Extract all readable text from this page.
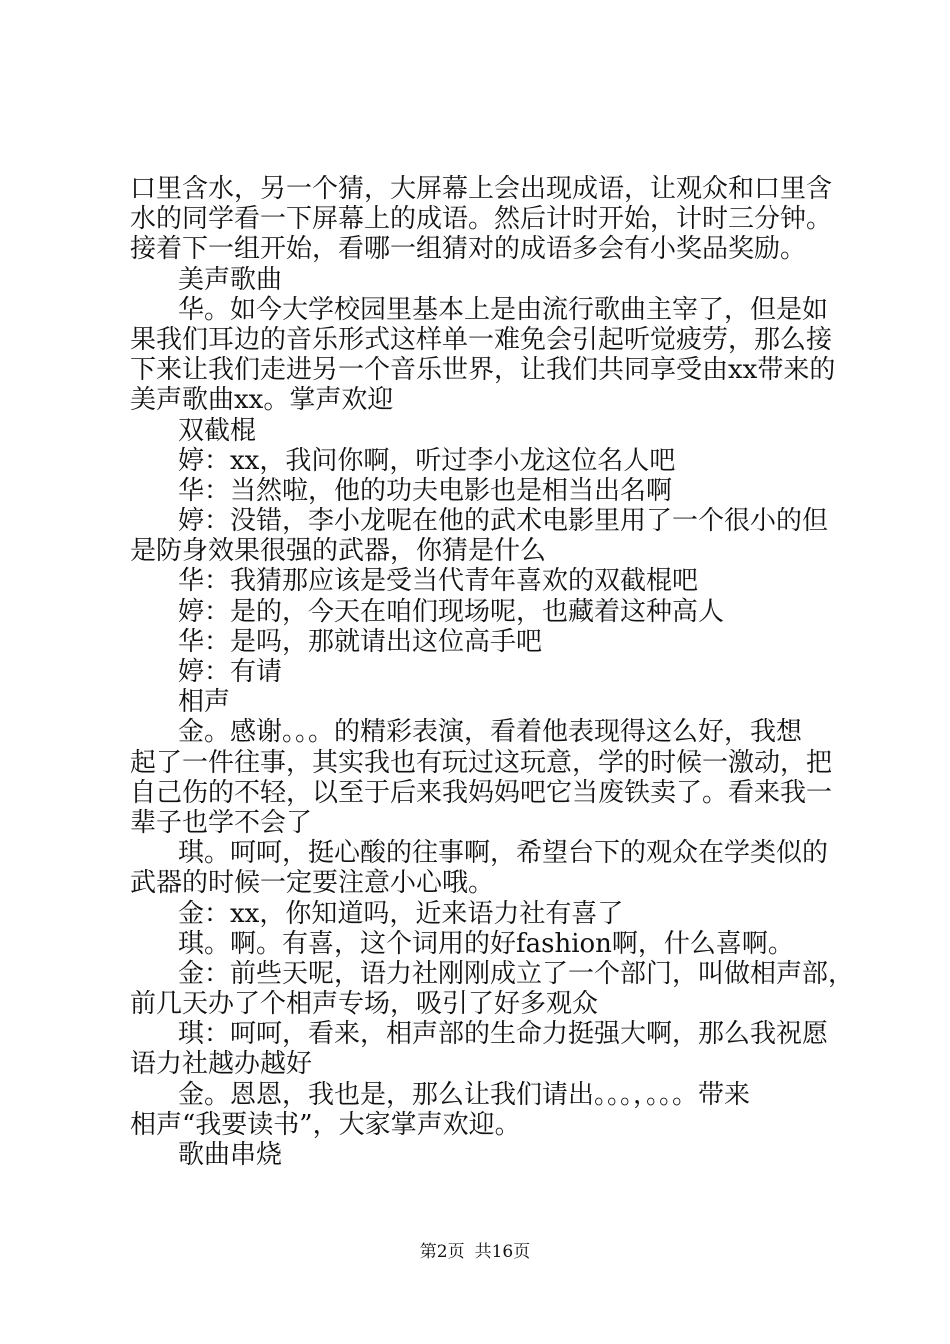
口里含水，另一个猜，大屏幕上会出现成语，让观众和口里含
水的同学看一下屏幕上的成语。然后计时开始，计时三分钟。
接着下一组开始，看哪一组猜对的成语多会有小奖品奖励。
美声歌曲
华。如今大学校园里基本上是由流行歌曲主宰了，但是如
果我们耳边的音乐形式这样单一难免会引起听觉疲劳，那么接
下来让我们走进另一个音乐世界，让我们共同享受由xx带来的
美声歌曲xx。掌声欢迎
双截棍
婷：xx，我问你啊，听过李小龙这位名人吧
华：当然啦，他的功夫电影也是相当出名啊
婷：没错，李小龙呢在他的武术电影里用了一个很小的但
是防身效果很强的武器，你猜是什么
华：我猜那应该是受当代青年喜欢的双截棍吧
婷：是的，今天在咱们现场呢，也藏着这种高人
华：是吗，那就请出这位高手吧
婷：有请
相声
金。感谢。。。的精彩表演，看着他表现得这么好，我想
起了一件往事，其实我也有玩过这玩意，学的时候一激动，把
自己伤的不轻，以至于后来我妈妈吧它当废铁卖了。看来我一
辈子也学不会了
琪。呵呵，挺心酸的往事啊，希望台下的观众在学类似的
武器的时候一定要注意小心哦。
金：xx，你知道吗，近来语力社有喜了
琪。啊。有喜，这个词用的好fashion啊，什么喜啊。
金：前些天呢，语力社刚刚成立了一个部门，叫做相声部，
前几天办了个相声专场，吸引了好多观众
琪：呵呵，看来，相声部的生命力挺强大啊，那么我祝愿
语力社越办越好
金。恩恩，我也是，那么让我们请出。。。，。。。带来
相声“我要读书”，大家掌声欢迎。
歌曲串烧
第2页 共16页
